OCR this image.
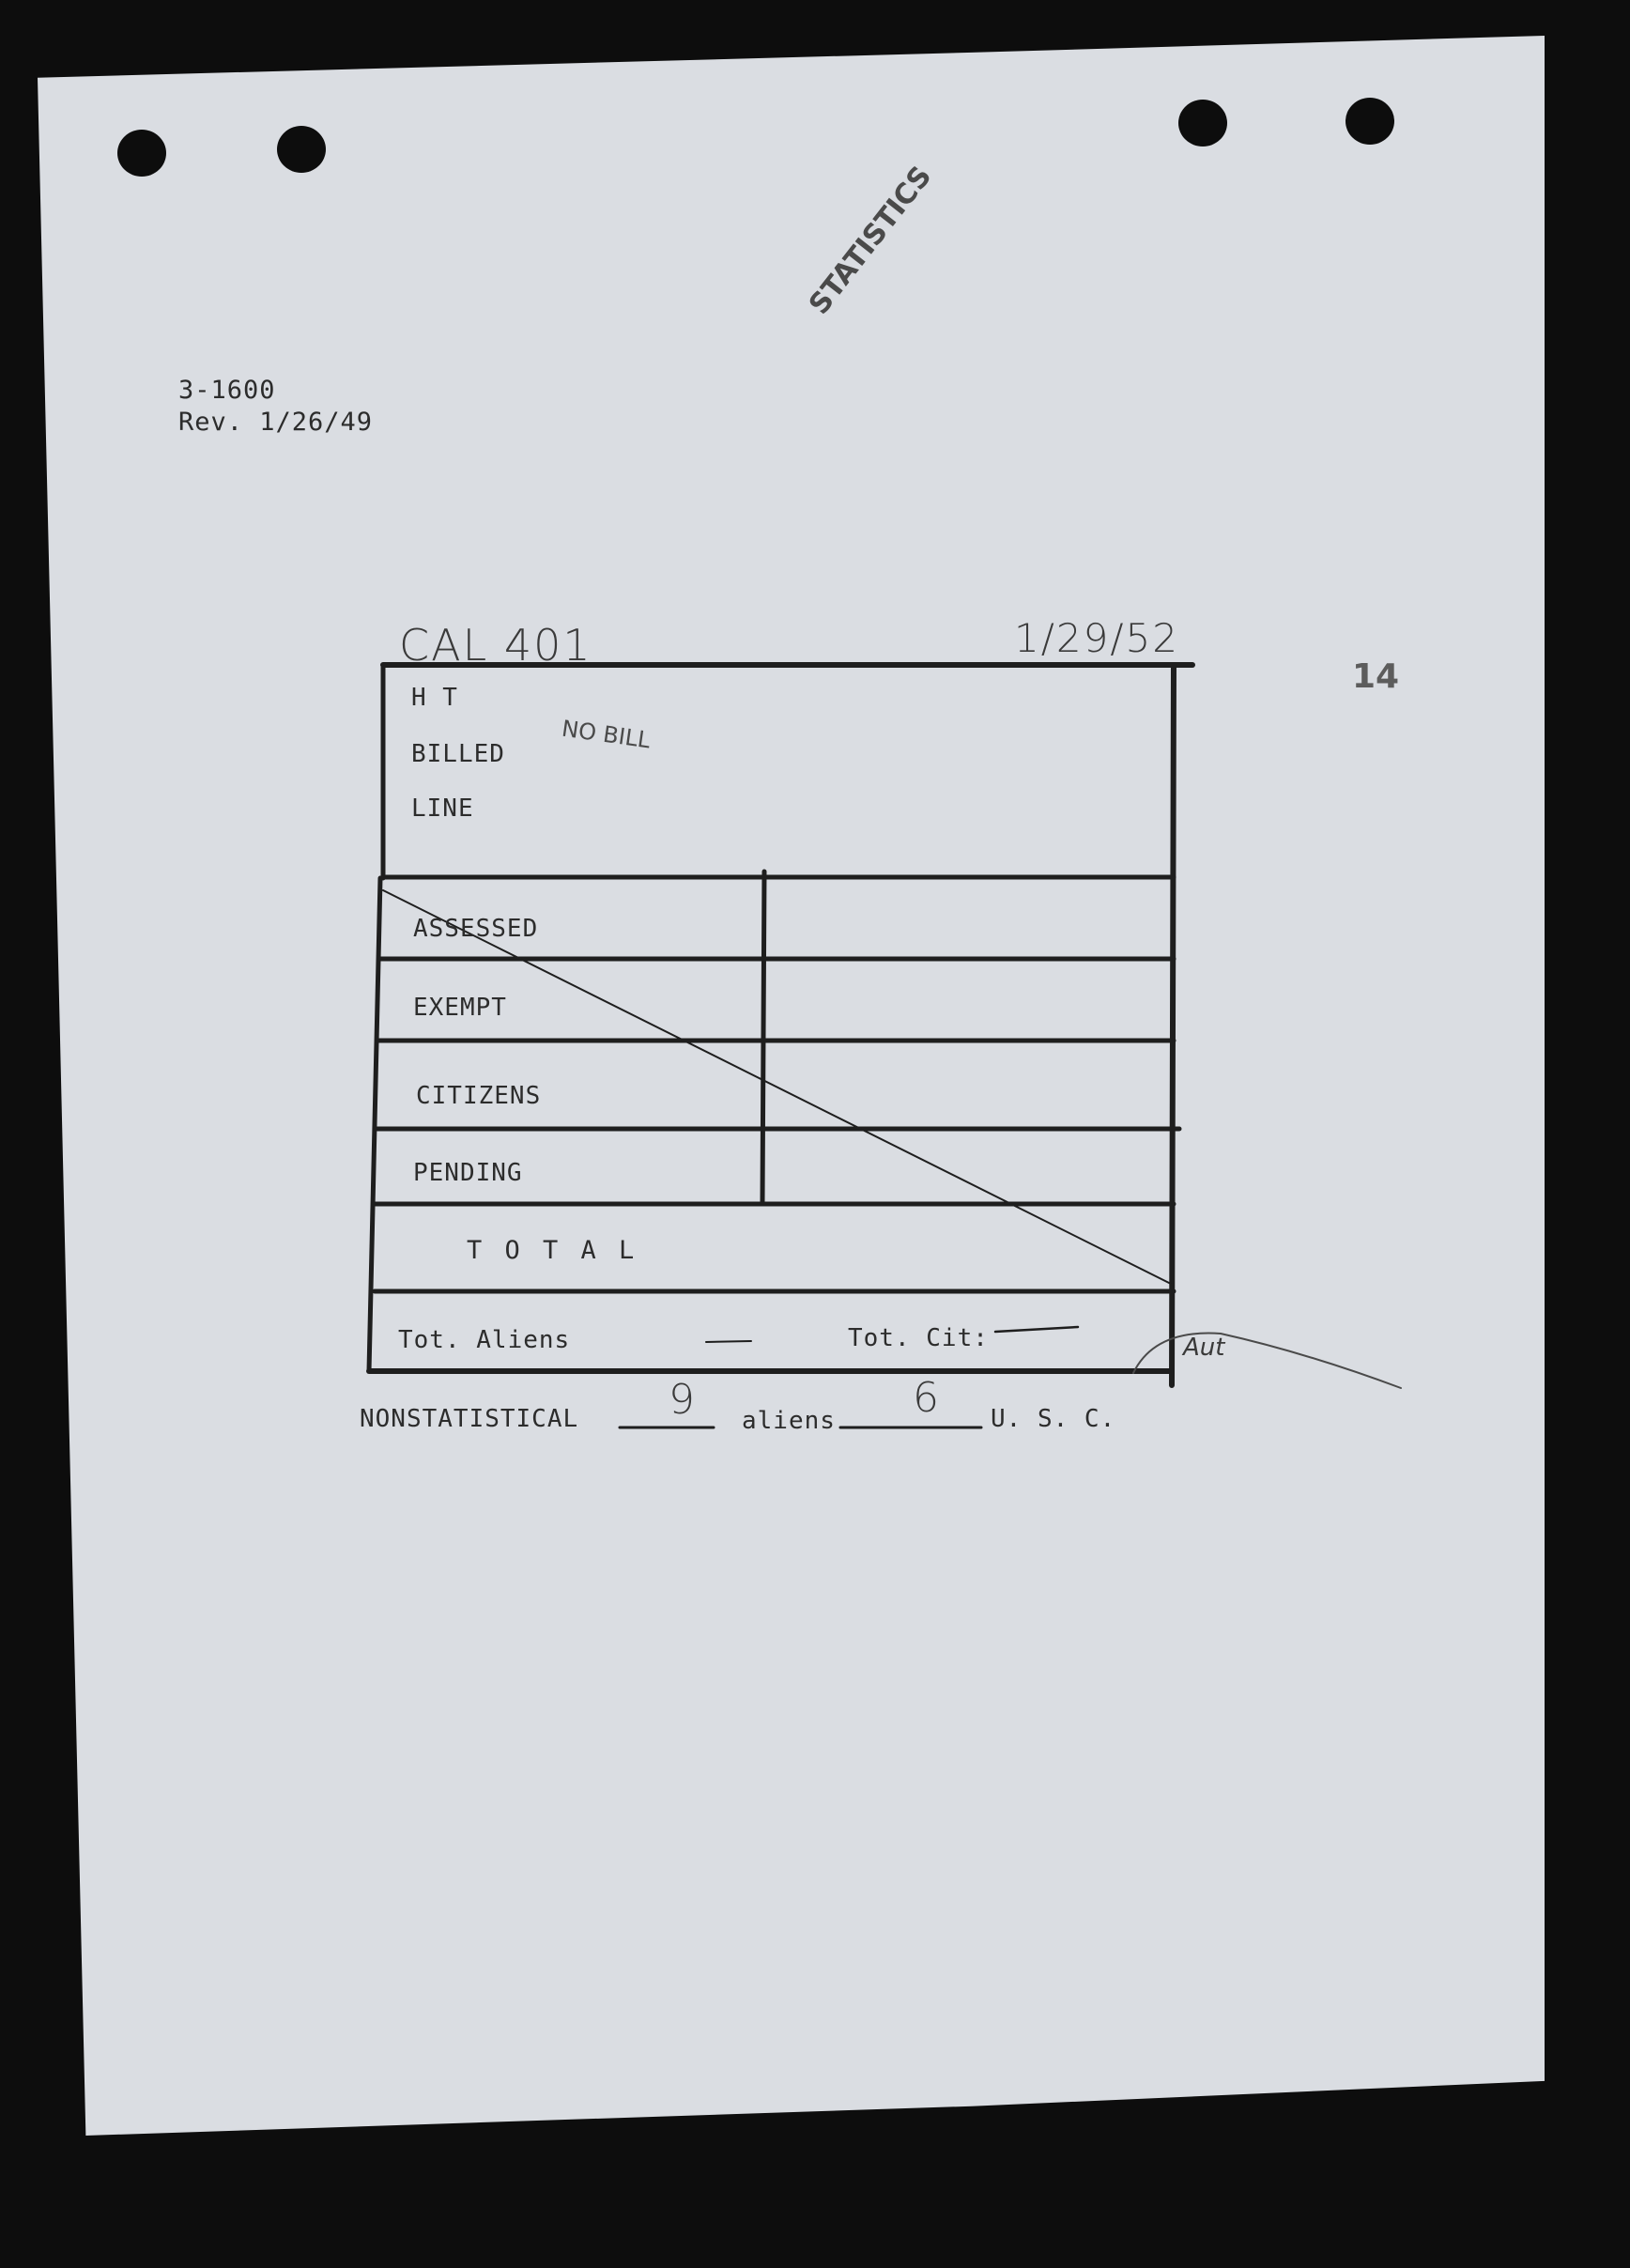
3-1600
Rev. 1/26/49
STATISTICS
CAL 401	1/29/52
14
H T
BILLED
NO BILL
LINE
ASSESSED
EXEMPT
CITIZENS
PENDING
T O T A L
Tot. Aliens	Tot. Cit:	Aut
NONSTATISTICAL 9 aliens 6 U. S. C.
